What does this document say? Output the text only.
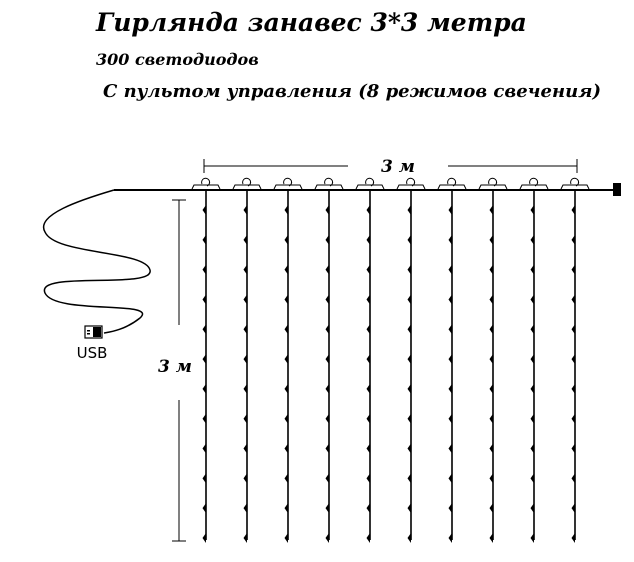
Гирлянда занавес 3*3 метра
300 светодиодов
С пультом управления (8 режимов свечения)
3 м
3 м
USB
